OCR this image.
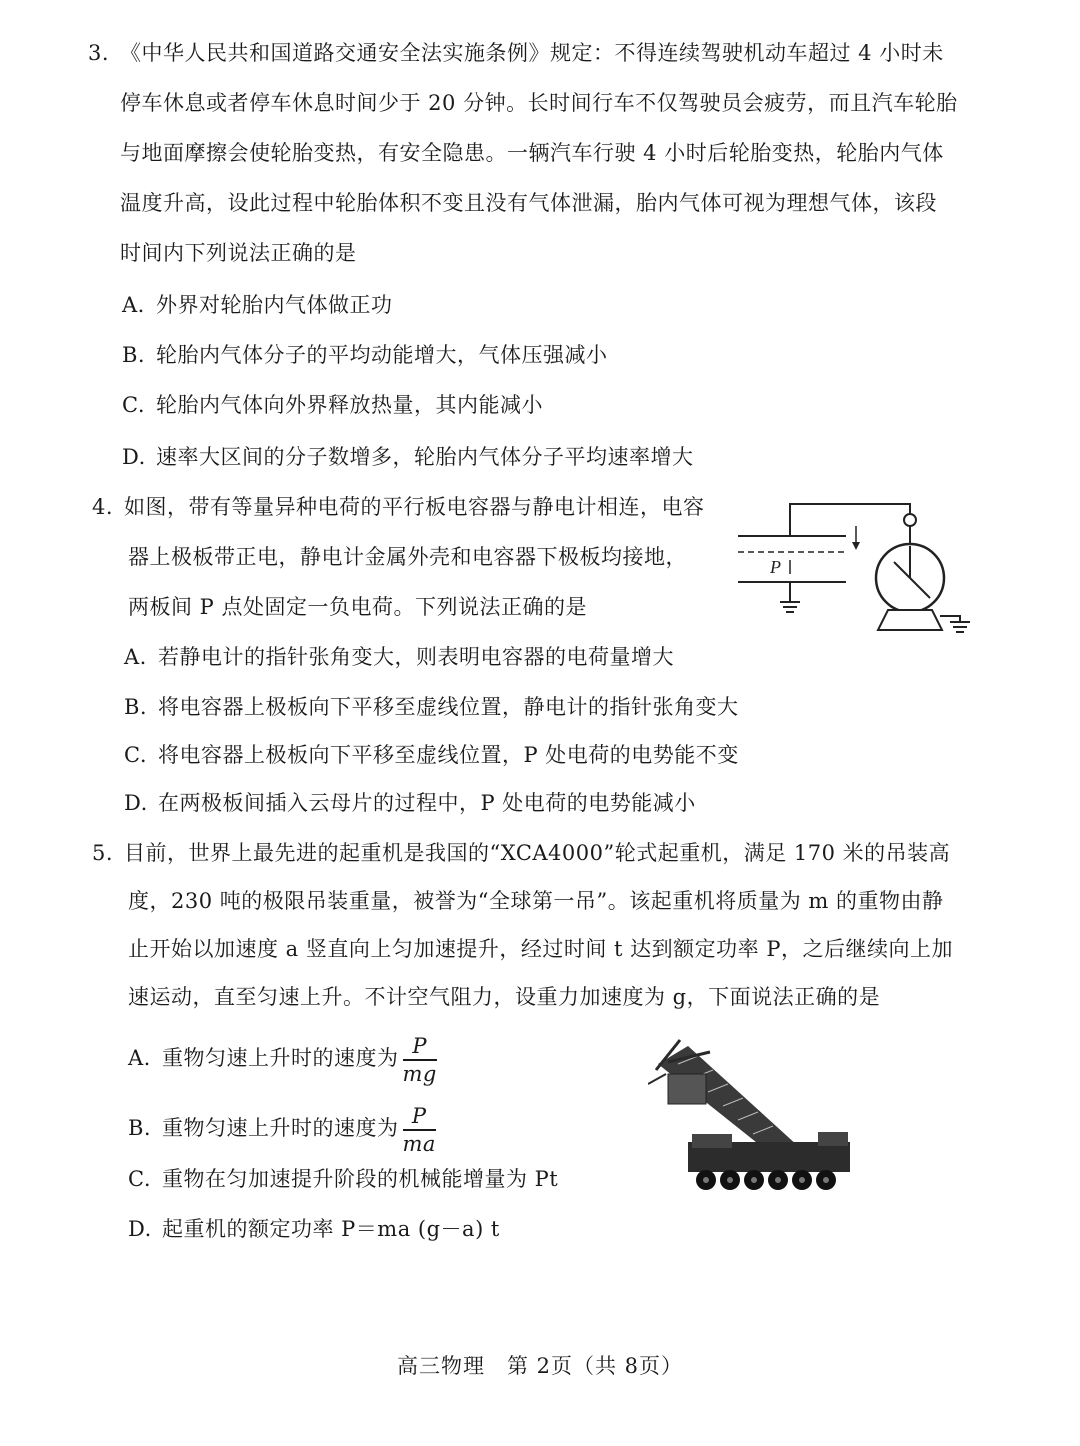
3. 《中华人民共和国道路交通安全法实施条例》规定：不得连续驾驶机动车超过 4 小时未
停车休息或者停车休息时间少于 20 分钟。长时间行车不仅驾驶员会疲劳，而且汽车轮胎
与地面摩擦会使轮胎变热，有安全隐患。一辆汽车行驶 4 小时后轮胎变热，轮胎内气体
温度升高，设此过程中轮胎体积不变且没有气体泄漏，胎内气体可视为理想气体，该段
时间内下列说法正确的是
A. 外界对轮胎内气体做正功
B. 轮胎内气体分子的平均动能增大，气体压强减小
C. 轮胎内气体向外界释放热量，其内能减小
D. 速率大区间的分子数增多，轮胎内气体分子平均速率增大
4. 如图，带有等量异种电荷的平行板电容器与静电计相连，电容
器上极板带正电，静电计金属外壳和电容器下极板均接地，
两板间 P 点处固定一负电荷。下列说法正确的是
P
A. 若静电计的指针张角变大，则表明电容器的电荷量增大
B. 将电容器上极板向下平移至虚线位置，静电计的指针张角变大
C. 将电容器上极板向下平移至虚线位置，P 处电荷的电势能不变
D. 在两极板间插入云母片的过程中，P 处电荷的电势能减小
5. 目前，世界上最先进的起重机是我国的“XCA4000”轮式起重机，满足 170 米的吊装高
度，230 吨的极限吊装重量，被誉为“全球第一吊”。该起重机将质量为 m 的重物由静
止开始以加速度 a 竖直向上匀加速提升，经过时间 t 达到额定功率 P，之后继续向上加
速运动，直至匀速上升。不计空气阻力，设重力加速度为 g，下面说法正确的是
A. 重物匀速上升时的速度为 $\frac{P}{mg}$
B. 重物匀速上升时的速度为 $\frac{P}{ma}$
C. 重物在匀加速提升阶段的机械能增量为 Pt
D. 起重机的额定功率 P＝ma (g－a) t
高三物理　第 2页（共 8页）
